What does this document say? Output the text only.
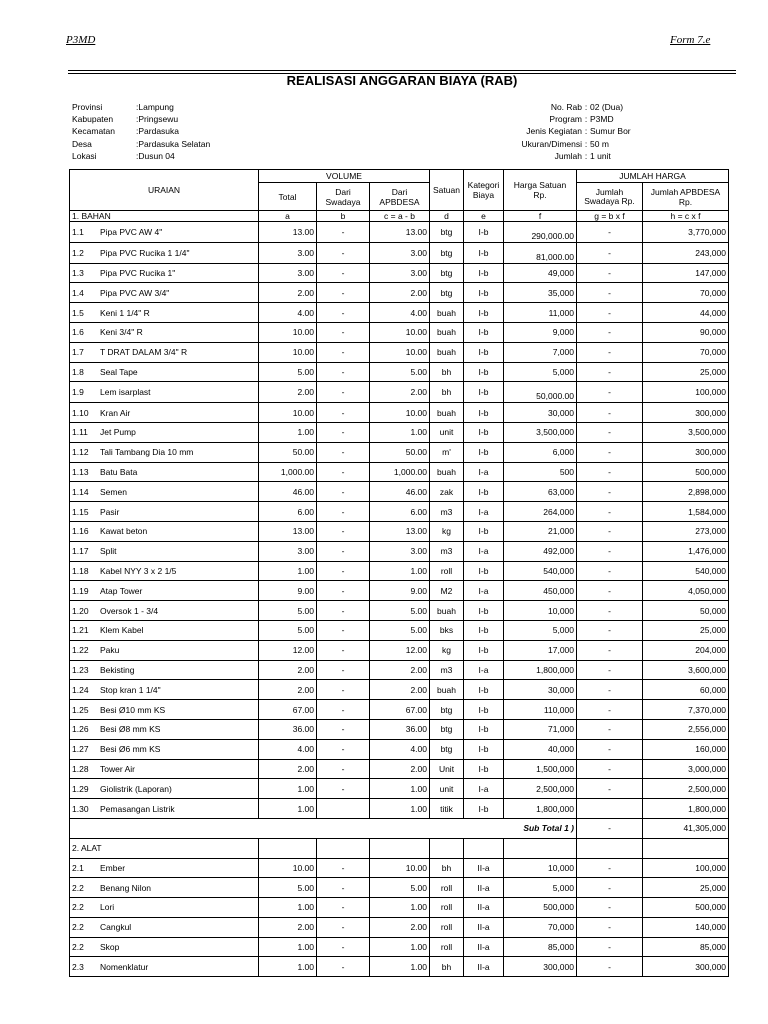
P3MD	Form 7.e
REALISASI ANGGARAN BIAYA (RAB)
Provinsi	: Lampung
Kabupaten	: Pringsewu
Kecamatan	: Pardasuka
Desa	: Pardasuka Selatan
Lokasi	: Dusun 04
No. Rab : 02 (Dua)
Program : P3MD
Jenis Kegiatan : Sumur Bor
Ukuran/Dimensi : 50 m
Jumlah : 1 unit
URAIAN	VOLUME			Satuan	Kategori Biaya	Harga Satuan Rp.	JUMLAH HARGA	
	Total	Dari Swadaya	Dari APBDESA				Jumlah Swadaya Rp.	Jumlah APBDESA Rp.
1. BAHAN	a	b	c = a - b	d	e	f	g = b x f	h = c x f
1.1 Pipa PVC AW 4"	13.00	-	13.00	btg	I-b	290,000.00	-	3,770,000
1.2 Pipa PVC Rucika 1 1/4"	3.00	-	3.00	btg	I-b	81,000.00	-	243,000
1.3 Pipa PVC Rucika 1"	3.00	-	3.00	btg	I-b	49,000	-	147,000
1.4 Pipa PVC AW 3/4"	2.00	-	2.00	btg	I-b	35,000	-	70,000
1.5 Keni 1 1/4" R	4.00	-	4.00	buah	I-b	11,000	-	44,000
1.6 Keni 3/4" R	10.00	-	10.00	buah	I-b	9,000	-	90,000
1.7 T DRAT DALAM 3/4" R	10.00	-	10.00	buah	I-b	7,000	-	70,000
1.8 Seal Tape	5.00	-	5.00	bh	I-b	5,000	-	25,000
1.9 Lem isarplast	2.00	-	2.00	bh	I-b	50,000.00	-	100,000
1.10 Kran Air	10.00	-	10.00	buah	I-b	30,000	-	300,000
1.11 Jet Pump	1.00	-	1.00	unit	I-b	3,500,000	-	3,500,000
1.12 Tali Tambang Dia 10 mm	50.00	-	50.00	m'	I-b	6,000	-	300,000
1.13 Batu Bata	1,000.00	-	1,000.00	buah	I-a	500	-	500,000
1.14 Semen	46.00	-	46.00	zak	I-b	63,000	-	2,898,000
1.15 Pasir	6.00	-	6.00	m3	I-a	264,000	-	1,584,000
1.16 Kawat beton	13.00	-	13.00	kg	I-b	21,000	-	273,000
1.17 Split	3.00	-	3.00	m3	I-a	492,000	-	1,476,000
1.18 Kabel NYY 3 x 2 1/5	1.00	-	1.00	roll	I-b	540,000	-	540,000
1.19 Atap Tower	9.00	-	9.00	M2	I-a	450,000	-	4,050,000
1.20 Oversok 1 - 3/4	5.00	-	5.00	buah	I-b	10,000	-	50,000
1.21 Klem Kabel	5.00	-	5.00	bks	I-b	5,000	-	25,000
1.22 Paku	12.00	-	12.00	kg	I-b	17,000	-	204,000
1.23 Bekisting	2.00	-	2.00	m3	I-a	1,800,000	-	3,600,000
1.24 Stop kran 1 1/4"	2.00	-	2.00	buah	I-b	30,000	-	60,000
1.25 Besi Ø10 mm KS	67.00	-	67.00	btg	I-b	110,000	-	7,370,000
1.26 Besi Ø8 mm KS	36.00	-	36.00	btg	I-b	71,000	-	2,556,000
1.27 Besi Ø6 mm KS	4.00	-	4.00	btg	I-b	40,000	-	160,000
1.28 Tower Air	2.00	-	2.00	Unit	I-b	1,500,000	-	3,000,000
1.29 Giolistrik (Laporan)	1.00	-	1.00	unit	I-a	2,500,000	-	2,500,000
1.30 Pemasangan Listrik	1.00		1.00	titik	I-b	1,800,000		1,800,000
Sub Total 1 )							-	41,305,000
2. ALAT								
2.1 Ember	10.00	-	10.00	bh	II-a	10,000	-	100,000
2.2 Benang Nilon	5.00	-	5.00	roll	II-a	5,000	-	25,000
2.2 Lori	1.00	-	1.00	roll	II-a	500,000	-	500,000
2.2 Cangkul	2.00	-	2.00	roll	II-a	70,000	-	140,000
2.2 Skop	1.00	-	1.00	roll	II-a	85,000	-	85,000
2.3 Nomenklatur	1.00	-	1.00	bh	II-a	300,000	-	300,000
